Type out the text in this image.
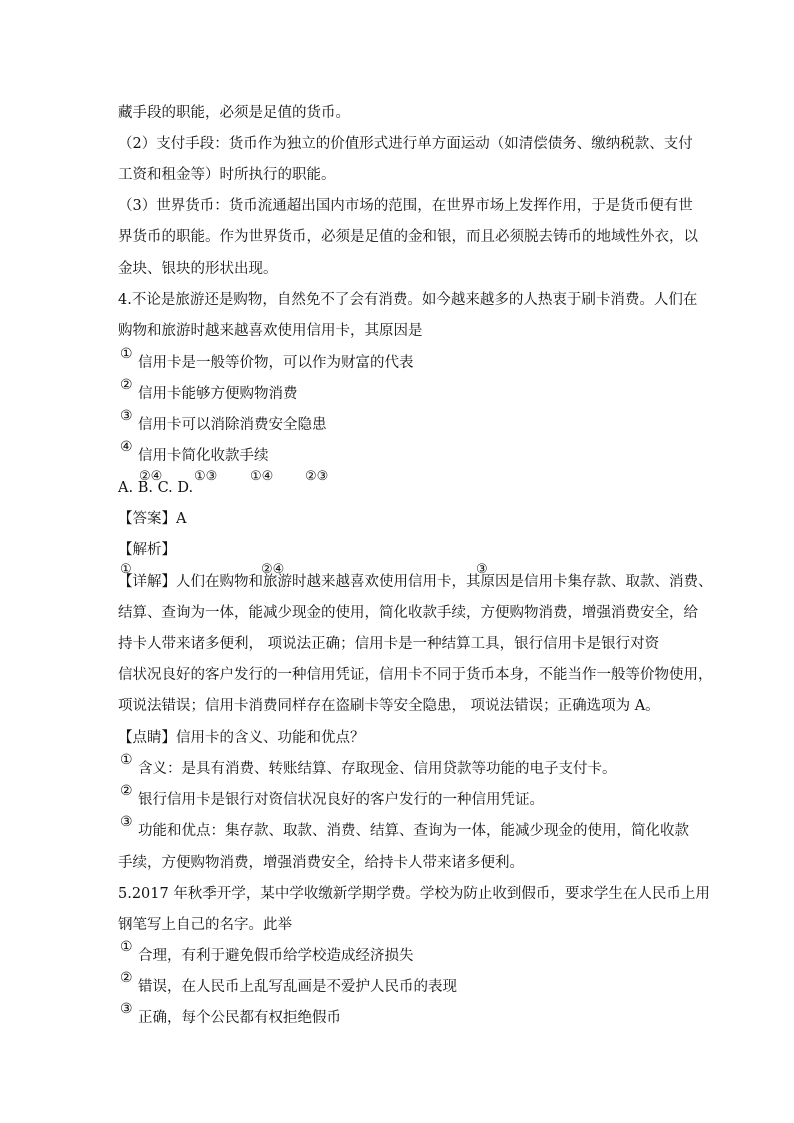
藏手段的职能，必须是足值的货币。
（2）支付手段：货币作为独立的价值形式进行单方面运动（如清偿债务、缴纳税款、支付
工资和租金等）时所执行的职能。
（3）世界货币：货币流通超出国内市场的范围，在世界市场上发挥作用，于是货币便有世
界货币的职能。作为世界货币，必须是足值的金和银，而且必须脱去铸币的地域性外衣，以
金块、银块的形状出现。
4.不论是旅游还是购物，自然免不了会有消费。如今越来越多的人热衷于刷卡消费。人们在
购物和旅游时越来越喜欢使用信用卡，其原因是
①
信用卡是一般等价物，可以作为财富的代表
②
信用卡能够方便购物消费
③
信用卡可以消除消费安全隐患
④
信用卡简化收款手续
A. B. C. D.
②④ ①③	①④ ②③
【答案】A
【解析】
【详解】人们在购物和旅游时越来越喜欢使用信用卡，其原因是信用卡集存款、取款、消费、
①	②④	③
结算、查询为一体，能减少现金的使用，简化收款手续，方便购物消费，增强消费安全，给
持卡人带来诸多便利， 项说法正确；信用卡是一种结算工具，银行信用卡是银行对资
信状况良好的客户发行的一种信用凭证，信用卡不同于货币本身，不能当作一般等价物使用，
项说法错误；信用卡消费同样存在盗刷卡等安全隐患， 项说法错误；正确选项为 A。
【点睛】信用卡的含义、功能和优点？
①
含义：是具有消费、转账结算、存取现金、信用贷款等功能的电子支付卡。
②
银行信用卡是银行对资信状况良好的客户发行的一种信用凭证。
③
功能和优点：集存款、取款、消费、结算、查询为一体，能减少现金的使用，简化收款
手续，方便购物消费，增强消费安全，给持卡人带来诸多便利。
5.2017 年秋季开学，某中学收缴新学期学费。学校为防止收到假币，要求学生在人民币上用
钢笔写上自己的名字。此举
①
合理，有利于避免假币给学校造成经济损失
②
错误，在人民币上乱写乱画是不爱护人民币的表现
③
正确，每个公民都有权拒绝假币
